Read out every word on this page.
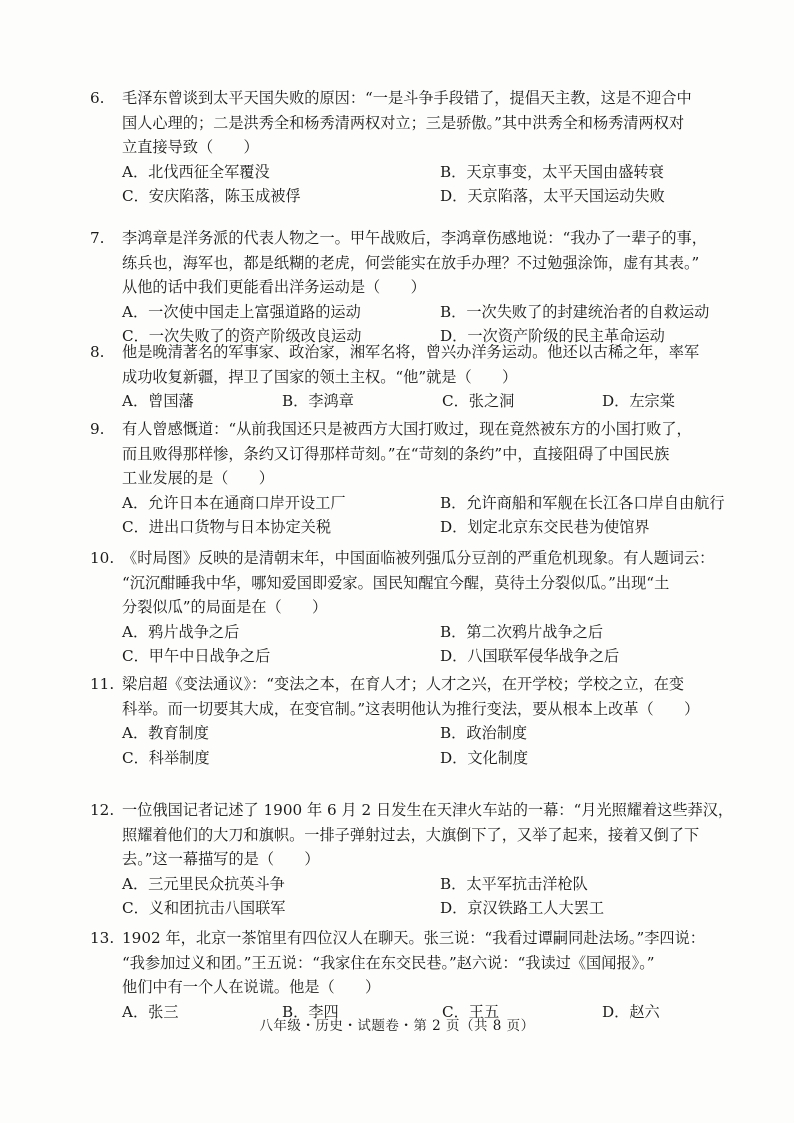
6. 毛泽东曾谈到太平天国失败的原因：“一是斗争手段错了，提倡天主教，这是不迎合中
国人心理的；二是洪秀全和杨秀清两权对立；三是骄傲。”其中洪秀全和杨秀清两权对
立直接导致（　　）
A．北伐西征全军覆没	B．天京事变，太平天国由盛转衰
C．安庆陷落，陈玉成被俘	D．天京陷落，太平天国运动失败
7. 李鸿章是洋务派的代表人物之一。甲午战败后，李鸿章伤感地说：“我办了一辈子的事，
练兵也，海军也，都是纸糊的老虎，何尝能实在放手办理？不过勉强涂饰，虚有其表。”
从他的话中我们更能看出洋务运动是（　　）
A．一次使中国走上富强道路的运动	B．一次失败了的封建统治者的自救运动
C．一次失败了的资产阶级改良运动	D．一次资产阶级的民主革命运动
8. 他是晚清著名的军事家、政治家，湘军名将，曾兴办洋务运动。他还以古稀之年，率军
成功收复新疆，捍卫了国家的领土主权。“他”就是（　　）
A．曾国藩	B．李鸿章	C．张之洞	D．左宗棠
9. 有人曾感慨道：“从前我国还只是被西方大国打败过，现在竟然被东方的小国打败了，
而且败得那样惨，条约又订得那样苛刻。”在“苛刻的条约”中，直接阻碍了中国民族
工业发展的是（　　）
A．允许日本在通商口岸开设工厂	B．允许商船和军舰在长江各口岸自由航行
C．进出口货物与日本协定关税	D．划定北京东交民巷为使馆界
10. 《时局图》反映的是清朝末年，中国面临被列强瓜分豆剖的严重危机现象。有人题词云：
“沉沉酣睡我中华，哪知爱国即爱家。国民知醒宜今醒，莫待土分裂似瓜。”出现“土
分裂似瓜”的局面是在（　　）
A．鸦片战争之后	B．第二次鸦片战争之后
C．甲午中日战争之后	D．八国联军侵华战争之后
11. 梁启超《变法通议》：“变法之本，在育人才；人才之兴，在开学校；学校之立，在变
科举。而一切要其大成，在变官制。”这表明他认为推行变法，要从根本上改革（　　）
A．教育制度	B．政治制度
C．科举制度	D．文化制度
12. 一位俄国记者记述了 1900 年 6 月 2 日发生在天津火车站的一幕：“月光照耀着这些莽汉，
照耀着他们的大刀和旗帜。一排子弹射过去，大旗倒下了，又举了起来，接着又倒了下
去。”这一幕描写的是（　　）
A．三元里民众抗英斗争	B．太平军抗击洋枪队
C．义和团抗击八国联军	D．京汉铁路工人大罢工
13. 1902 年，北京一茶馆里有四位汉人在聊天。张三说：“我看过谭嗣同赴法场。”李四说：
“我参加过义和团。”王五说：“我家住在东交民巷。”赵六说：“我读过《国闻报》。”
他们中有一个人在说谎。他是（　　）
A．张三	B．李四	C．王五	D．赵六
八年级・历史・试题卷・第 2 页（共 8 页）
